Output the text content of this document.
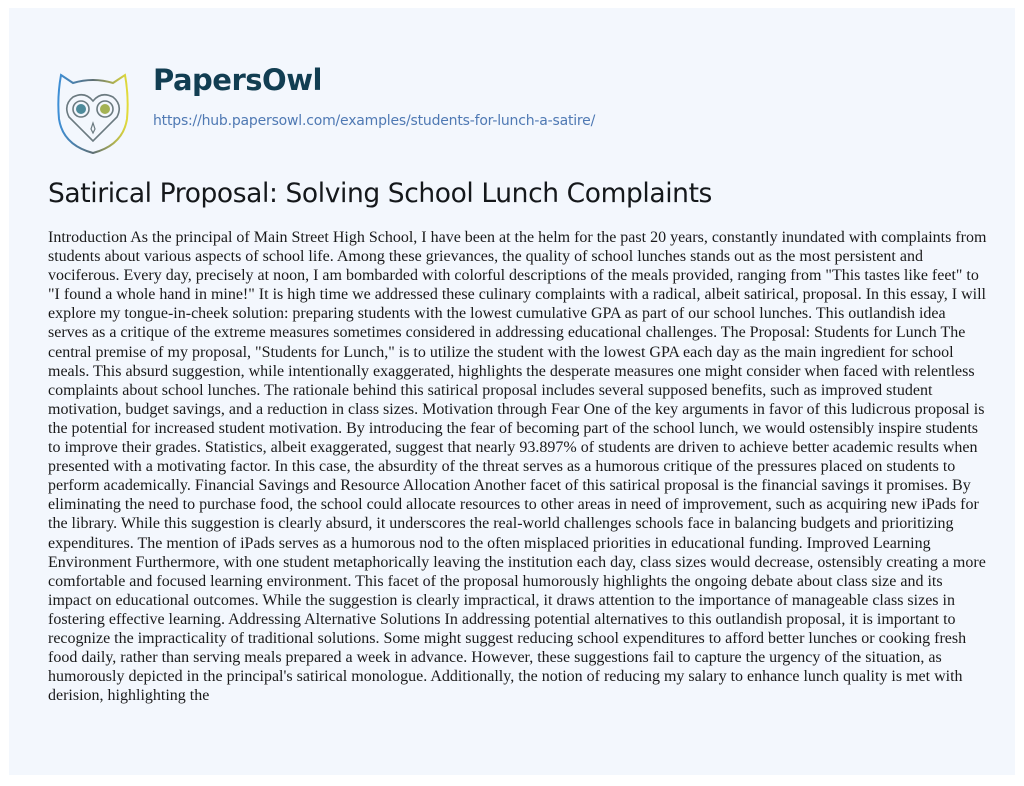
PapersOwl
https://hub.papersowl.com/examples/students-for-lunch-a-satire/
Satirical Proposal: Solving School Lunch Complaints

Introduction As the principal of Main Street High School, I have been at the helm for the past 20 years, constantly inundated with complaints from students about various aspects of school life. Among these grievances, the quality of school lunches stands out as the most persistent and vociferous. Every day, precisely at noon, I am bombarded with colorful descriptions of the meals provided, ranging from "This tastes like feet" to "I found a whole hand in mine!" It is high time we addressed these culinary complaints with a radical, albeit satirical, proposal. In this essay, I will explore my tongue-in-cheek solution: preparing students with the lowest cumulative GPA as part of our school lunches. This outlandish idea serves as a critique of the extreme measures sometimes considered in addressing educational challenges. The Proposal: Students for Lunch The central premise of my proposal, "Students for Lunch," is to utilize the student with the lowest GPA each day as the main ingredient for school meals. This absurd suggestion, while intentionally exaggerated, highlights the desperate measures one might consider when faced with relentless complaints about school lunches. The rationale behind this satirical proposal includes several supposed benefits, such as improved student motivation, budget savings, and a reduction in class sizes. Motivation through Fear One of the key arguments in favor of this ludicrous proposal is the potential for increased student motivation. By introducing the fear of becoming part of the school lunch, we would ostensibly inspire students to improve their grades. Statistics, albeit exaggerated, suggest that nearly 93.897% of students are driven to achieve better academic results when presented with a motivating factor. In this case, the absurdity of the threat serves as a humorous critique of the pressures placed on students to perform academically. Financial Savings and Resource Allocation Another facet of this satirical proposal is the financial savings it promises. By eliminating the need to purchase food, the school could allocate resources to other areas in need of improvement, such as acquiring new iPads for the library. While this suggestion is clearly absurd, it underscores the real-world challenges schools face in balancing budgets and prioritizing expenditures. The mention of iPads serves as a humorous nod to the often misplaced priorities in educational funding. Improved Learning Environment Furthermore, with one student metaphorically leaving the institution each day, class sizes would decrease, ostensibly creating a more comfortable and focused learning environment. This facet of the proposal humorously highlights the ongoing debate about class size and its impact on educational outcomes. While the suggestion is clearly impractical, it draws attention to the importance of manageable class sizes in fostering effective learning. Addressing Alternative Solutions In addressing potential alternatives to this outlandish proposal, it is important to recognize the impracticality of traditional solutions. Some might suggest reducing school expenditures to afford better lunches or cooking fresh food daily, rather than serving meals prepared a week in advance. However, these suggestions fail to capture the urgency of the situation, as humorously depicted in the principal's satirical monologue. Additionally, the notion of reducing my salary to enhance lunch quality is met with derision, highlighting the
